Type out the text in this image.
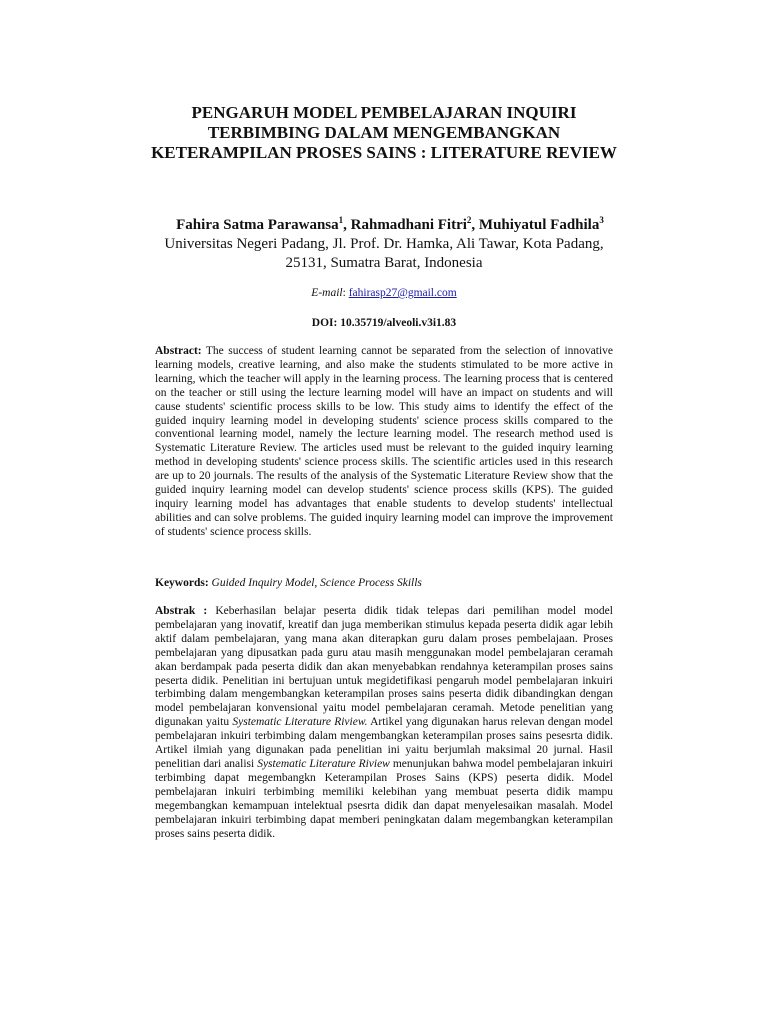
PENGARUH MODEL PEMBELAJARAN INQUIRI
TERBIMBING DALAM MENGEMBANGKAN
KETERAMPILAN PROSES SAINS : LITERATURE REVIEW
Fahira Satma Parawansa$^1$, Rahmadhani Fitri$^2$, Muhiyatul Fadhila$^3$
Universitas Negeri Padang, Jl. Prof. Dr. Hamka, Ali Tawar, Kota Padang,
25131, Sumatra Barat, Indonesia
E-mail: fahirasp27@gmail.com
DOI: 10.35719/alveoli.v3i1.83
Abstract: The success of student learning cannot be separated from the selection of innovative learning models, creative learning, and also make the students stimulated to be more active in learning, which the teacher will apply in the learning process. The learning process that is centered on the teacher or still using the lecture learning model will have an impact on students and will cause students' scientific process skills to be low. This study aims to identify the effect of the guided inquiry learning model in developing students' science process skills compared to the conventional learning model, namely the lecture learning model. The research method used is Systematic Literature Review. The articles used must be relevant to the guided inquiry learning method in developing students' science process skills. The scientific articles used in this research are up to 20 journals. The results of the analysis of the Systematic Literature Review show that the guided inquiry learning model can develop students' science process skills (KPS). The guided inquiry learning model has advantages that enable students to develop students' intellectual abilities and can solve problems. The guided inquiry learning model can improve the improvement of students' science process skills.
Keywords: Guided Inquiry Model, Science Process Skills
Abstrak : Keberhasilan belajar peserta didik tidak telepas dari pemilihan model model pembelajaran yang inovatif, kreatif dan juga memberikan stimulus kepada peserta didik agar lebih aktif dalam pembelajaran, yang mana akan diterapkan guru dalam proses pembelajaan. Proses pembelajaran yang dipusatkan pada guru atau masih menggunakan model pembelajaran ceramah akan berdampak pada peserta didik dan akan menyebabkan rendahnya keterampilan proses sains peserta didik. Penelitian ini bertujuan untuk megidetifikasi pengaruh model pembelajaran inkuiri terbimbing dalam mengembangkan keterampilan proses sains peserta didik dibandingkan dengan model pembelajaran konvensional yaitu model pembelajaran ceramah. Metode penelitian yang digunakan yaitu Systematic Literature Riview. Artikel yang digunakan harus relevan dengan model pembelajaran inkuiri terbimbing dalam mengembangkan keterampilan proses sains pesesrta didik. Artikel ilmiah yang digunakan pada penelitian ini yaitu berjumlah maksimal 20 jurnal. Hasil penelitian dari analisi Systematic Literature Riview menunjukan bahwa model pembelajaran inkuiri terbimbing dapat megembangkn Keterampilan Proses Sains (KPS) peserta didik. Model pembelajaran inkuiri terbimbing memiliki kelebihan yang membuat peserta didik mampu megembangkan kemampuan intelektual psesrta didik dan dapat menyelesaikan masalah. Model pembelajaran inkuiri terbimbing dapat memberi peningkatan dalam megembangkan keterampilan proses sains peserta didik.
